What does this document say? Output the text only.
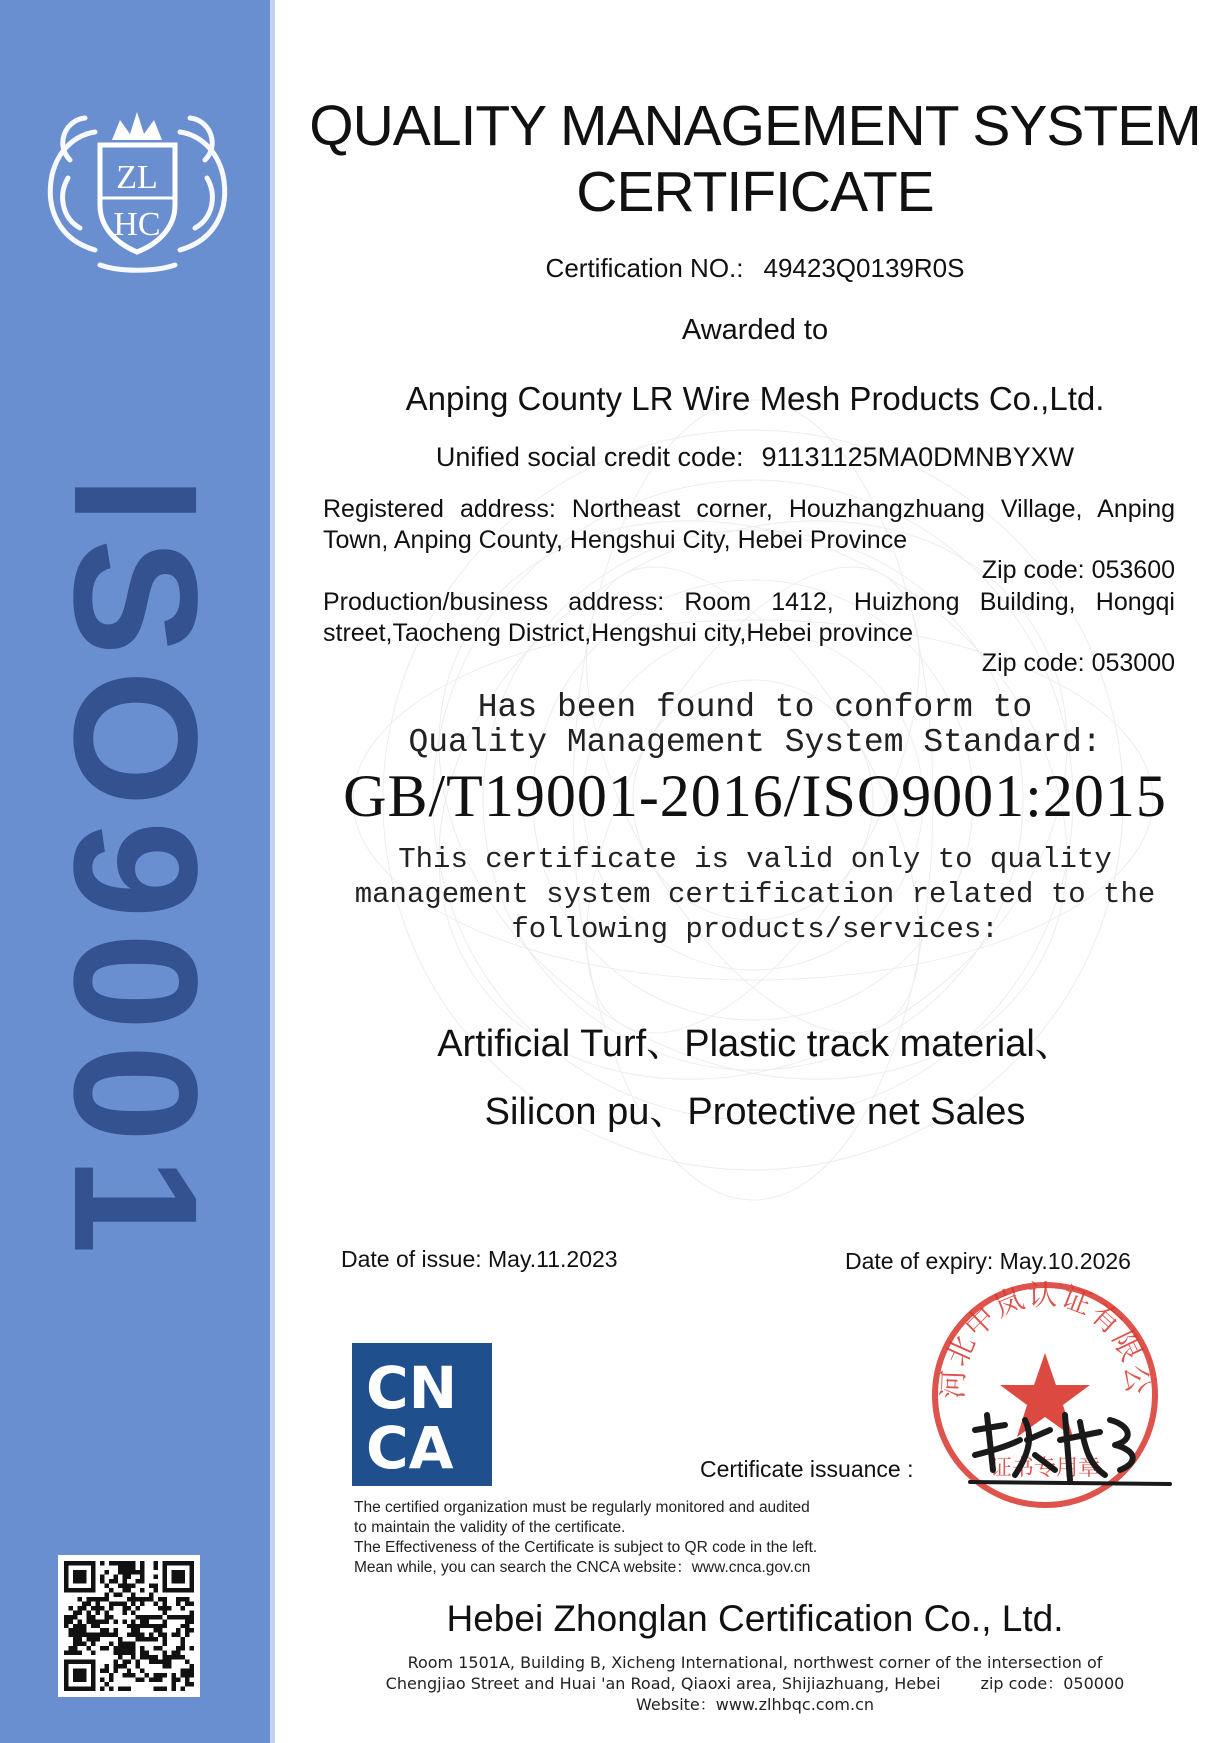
ZL
HC
ISO9001
QUALITY MANAGEMENT SYSTEM
CERTIFICATE
Certification NO.: 49423Q0139R0S
Awarded to
Anping County LR Wire Mesh Products Co.,Ltd.
Unified social credit code: 91131125MA0DMNBYXW
Registered address: Northeast corner, Houzhangzhuang Village, Anping Town, Anping County, Hengshui City, Hebei Province
Zip code: 053600
Production/business address: Room 1412, Huizhong Building, Hongqi street,Taocheng District,Hengshui city,Hebei province
Zip code: 053000
Has been found to conform to
Quality Management System Standard:
GB/T19001-2016/ISO9001:2015
This certificate is valid only to quality
management system certification related to the
following products/services:
Artificial Turf、Plastic track material、
Silicon pu、Protective net Sales
Date of issue: May.11.2023	Date of expiry: May.10.2026
CN
CA	Certificate issuance :
河北中岚认证有限公
证书专用章
The certified organization must be regularly monitored and audited
to maintain the validity of the certificate.
The Effectiveness of the Certificate is subject to QR code in the left.
Mean while, you can search the CNCA website：www.cnca.gov.cn
Hebei Zhonglan Certification Co., Ltd.
Room 1501A, Building B, Xicheng International, northwest corner of the intersection of
Chengjiao Street and Huai 'an Road, Qiaoxi area, Shijiazhuang, Hebei	zip code：050000
Website：www.zlhbqc.com.cn
